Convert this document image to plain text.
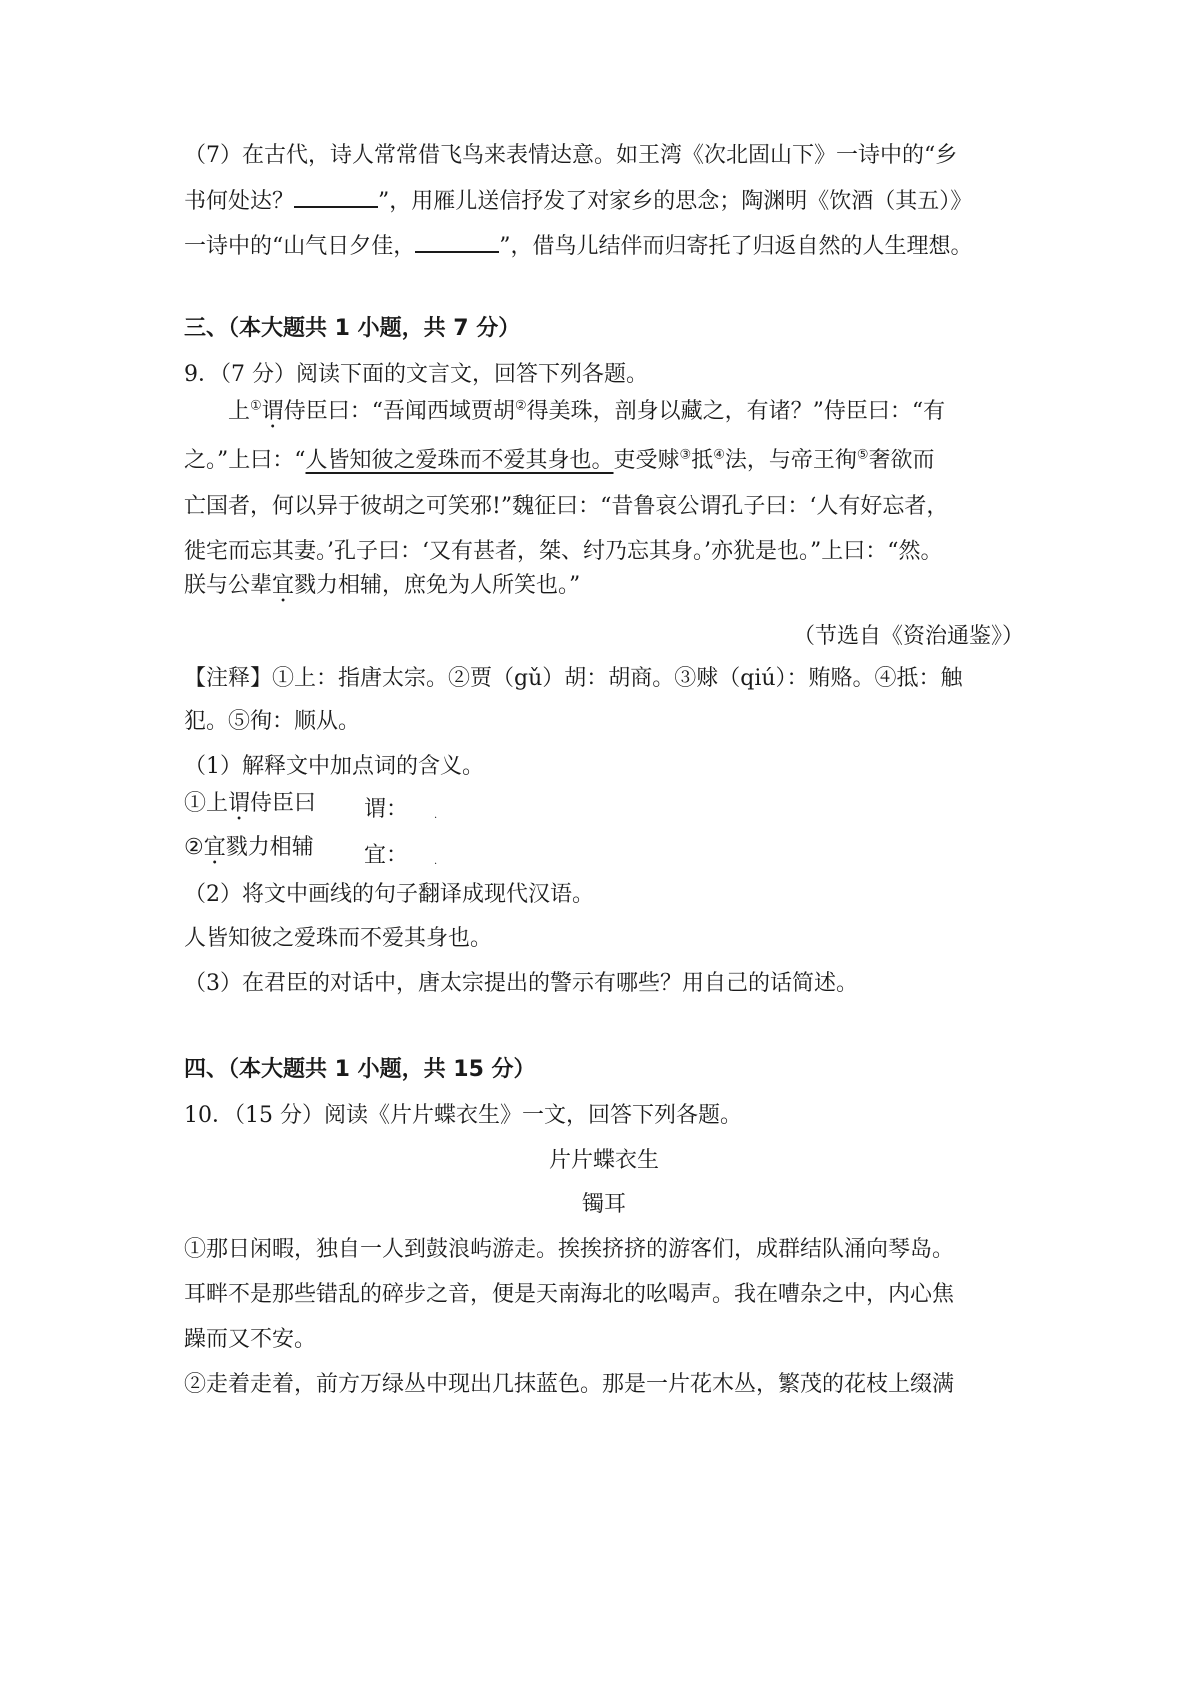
（7）在古代，诗人常常借飞鸟来表情达意。如王湾《次北固山下》一诗中的“乡
书何处达？	”，用雁儿送信抒发了对家乡的思念；陶渊明《饮酒（其五）》
一诗中的“山气日夕佳，	”，借鸟儿结伴而归寄托了归返自然的人生理想。
三、（本大题共 1 小题，共 7 分）
9．（7 分）阅读下面的文言文，回答下列各题。
上①谓侍臣曰：“吾闻西域贾胡②得美珠，剖身以藏之，有诸？”侍臣曰：“有
之。”上曰：“人皆知彼之爱珠而不爱其身也。吏受赇③抵④法，与帝王徇⑤奢欲而
亡国者，何以异于彼胡之可笑邪!”魏征曰：“昔鲁哀公谓孔子曰：‘人有好忘者，
徙宅而忘其妻。’孔子曰：‘又有甚者，桀、纣乃忘其身。’亦犹是也。”上曰：“然。
朕与公辈宜戮力相辅，庶免为人所笑也。”
（节选自《资治通鉴》）
【注释】①上：指唐太宗。②贾（gǔ）胡：胡商。③赇（qiú）：贿赂。④抵：触
犯。⑤徇：顺从。
（1）解释文中加点词的含义。
①上谓侍臣曰 谓：	.
②宜戮力相辅 宜：	.
（2）将文中画线的句子翻译成现代汉语。
人皆知彼之爱珠而不爱其身也。
（3）在君臣的对话中，唐太宗提出的警示有哪些？用自己的话简述。
四、（本大题共 1 小题，共 15 分）
10．（15 分）阅读《片片蝶衣生》一文，回答下列各题。
片片蝶衣生
镯耳
①那日闲暇，独自一人到鼓浪屿游走。挨挨挤挤的游客们，成群结队涌向琴岛。
耳畔不是那些错乱的碎步之音，便是天南海北的吆喝声。我在嘈杂之中，内心焦
躁而又不安。
②走着走着，前方万绿丛中现出几抹蓝色。那是一片花木丛，繁茂的花枝上缀满
